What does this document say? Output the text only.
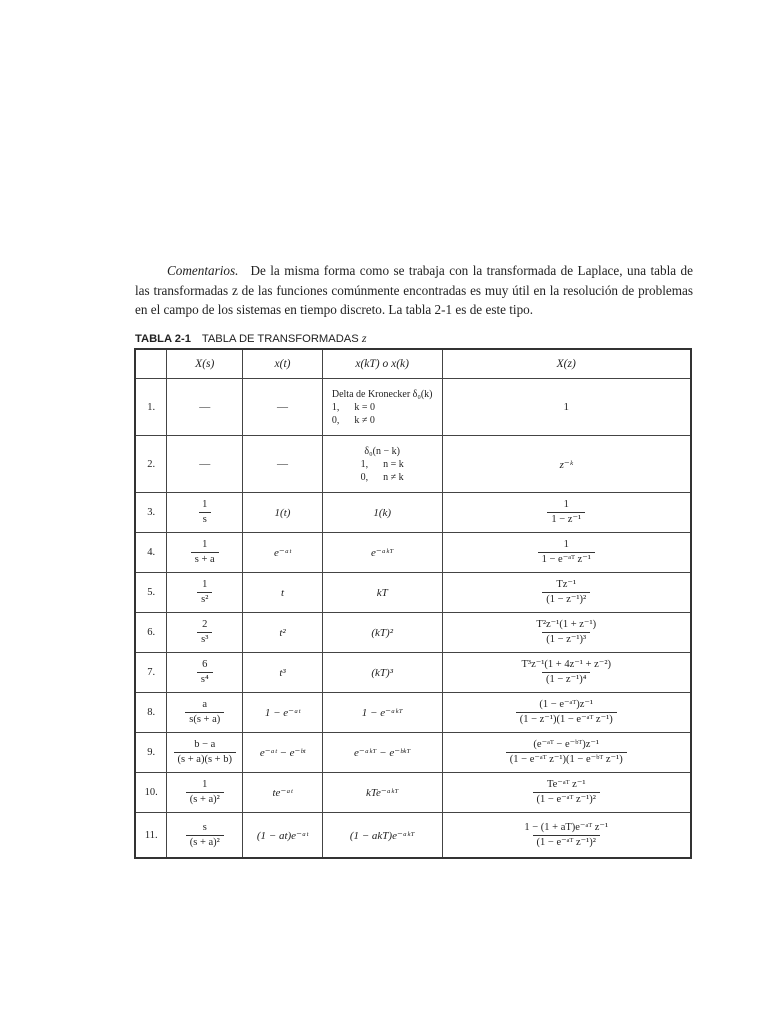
Comentarios. De la misma forma como se trabaja con la transformada de Laplace, una tabla de las transformadas z de las funciones comúnmente encontradas es muy útil en la resolución de problemas en el campo de los sistemas en tiempo discreto. La tabla 2-1 es de este tipo.
TABLA 2-1 TABLA DE TRANSFORMADAS z
	X(s)	x(t)	x(kT) o x(k)	X(z)
1.	—	—	Delta de Kronecker δ₀(k)
1,      k = 0
0,      k ≠ 0	1
2.	—	—	δ₀(n − k)
1,      n = k
0,      n ≠ k	z⁻ᵏ
3.	$\frac{1}{s}$	1(t)	1(k)	$\frac{1}{\text{1 − z⁻¹}}$

4.	$\frac{1}{s + a}$	e⁻ᵃᵗ	e⁻ᵃᵏᵀ	$\frac{1}{\text{1 − e⁻ᵃᵀ z⁻¹}}$

5.	$\frac{1}{\text{s²}}$	t	kT	$\frac{\text{Tz⁻¹}}{\text{(1 − z⁻¹)²}}$

6.	$\frac{2}{\text{s³}}$	t²	(kT)²	$\frac{\text{T²z⁻¹(1 + z⁻¹)}}{\text{(1 − z⁻¹)³}}$

7.	$\frac{6}{\text{s⁴}}$	t³	(kT)³	$\frac{\text{T³z⁻¹(1 + 4z⁻¹ + z⁻²)}}{\text{(1 − z⁻¹)⁴}}$

8.	$\frac{a}{s(s + a)}$	1 − e⁻ᵃᵗ	1 − e⁻ᵃᵏᵀ	$\frac{\text{(1 − e⁻ᵃᵀ)z⁻¹}}{\text{(1 − z⁻¹)(1 − e⁻ᵃᵀ z⁻¹)}}$

9.	$\frac{b - a}{(s + a)(s + b)}$	e⁻ᵃᵗ − e⁻ᵇᵗ	e⁻ᵃᵏᵀ − e⁻ᵇᵏᵀ	$\frac{\text{(e⁻ᵃᵀ − e⁻ᵇᵀ)z⁻¹}}{\text{(1 − e⁻ᵃᵀ z⁻¹)(1 − e⁻ᵇᵀ z⁻¹)}}$

10.	$\frac{1}{\text{(s + a)²}}$	te⁻ᵃᵗ	kTe⁻ᵃᵏᵀ	$\frac{\text{Te⁻ᵃᵀ z⁻¹}}{\text{(1 − e⁻ᵃᵀ z⁻¹)²}}$

11.	$\frac{s}{\text{(s + a)²}}$	(1 − at)e⁻ᵃᵗ	(1 − akT)e⁻ᵃᵏᵀ	$\frac{\text{1 − (1 + aT)e⁻ᵃᵀ z⁻¹}}{\text{(1 − e⁻ᵃᵀ z⁻¹)²}}$
